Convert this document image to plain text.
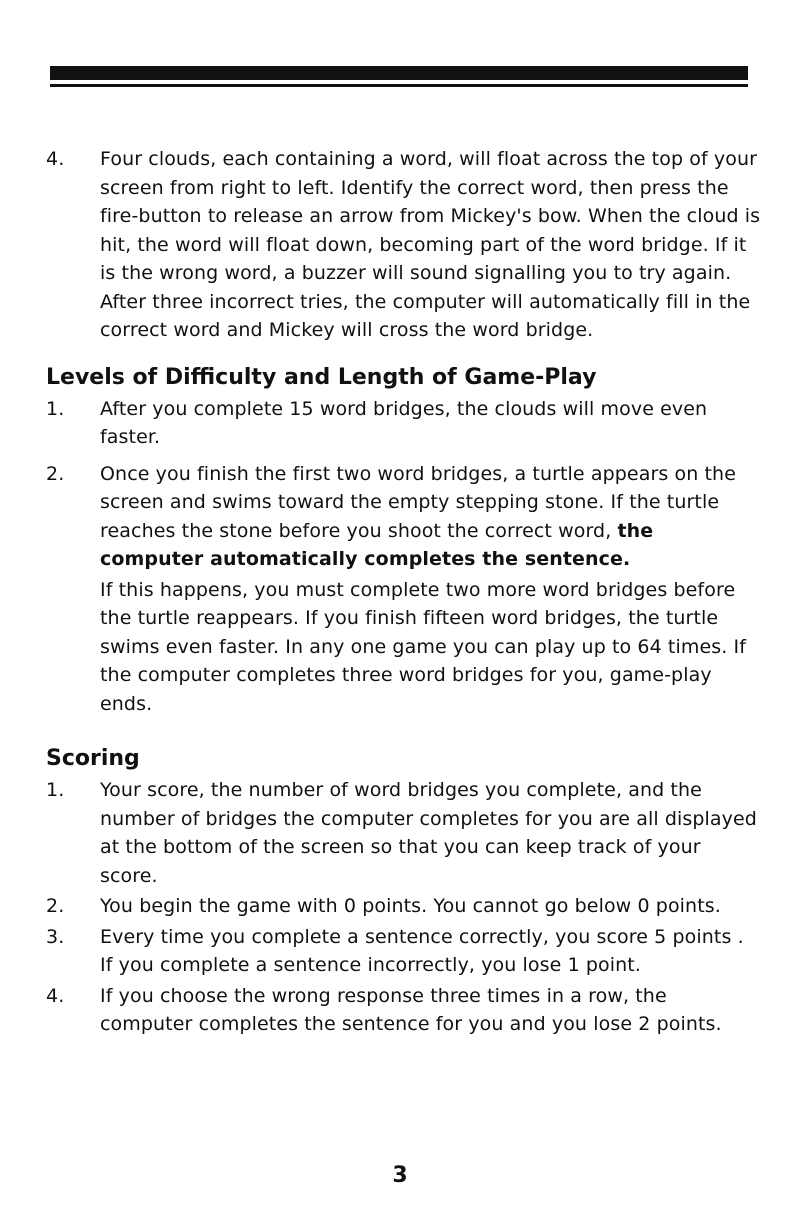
4.	Four clouds, each containing a word, will float across the top of your screen from right to left. Identify the correct word, then press the fire-button to release an arrow from Mickey's bow. When the cloud is hit, the word will float down, becoming part of the word bridge. If it is the wrong word, a buzzer will sound signalling you to try again. After three incorrect tries, the computer will automatically fill in the correct word and Mickey will cross the word bridge.

Levels of Difficulty and Length of Game-Play
1.	After you complete 15 word bridges, the clouds will move even faster.

2.	Once you finish the first two word bridges, a turtle appears on the screen and swims toward the empty stepping stone. If the turtle reaches the stone before you shoot the correct word, the computer automatically completes the sentence.

If this happens, you must complete two more word bridges before the turtle reappears. If you finish fifteen word bridges, the turtle swims even faster. In any one game you can play up to 64 times. If the computer completes three word bridges for you, game-play ends.

Scoring
1.	Your score, the number of word bridges you complete, and the number of bridges the computer completes for you are all displayed at the bottom of the screen so that you can keep track of your score.

2.	You begin the game with 0 points. You cannot go below 0 points.

3.	Every time you complete a sentence correctly, you score 5 points . If you complete a sentence incorrectly, you lose 1 point.

4.	If you choose the wrong response three times in a row, the computer completes the sentence for you and you lose 2 points.

3
